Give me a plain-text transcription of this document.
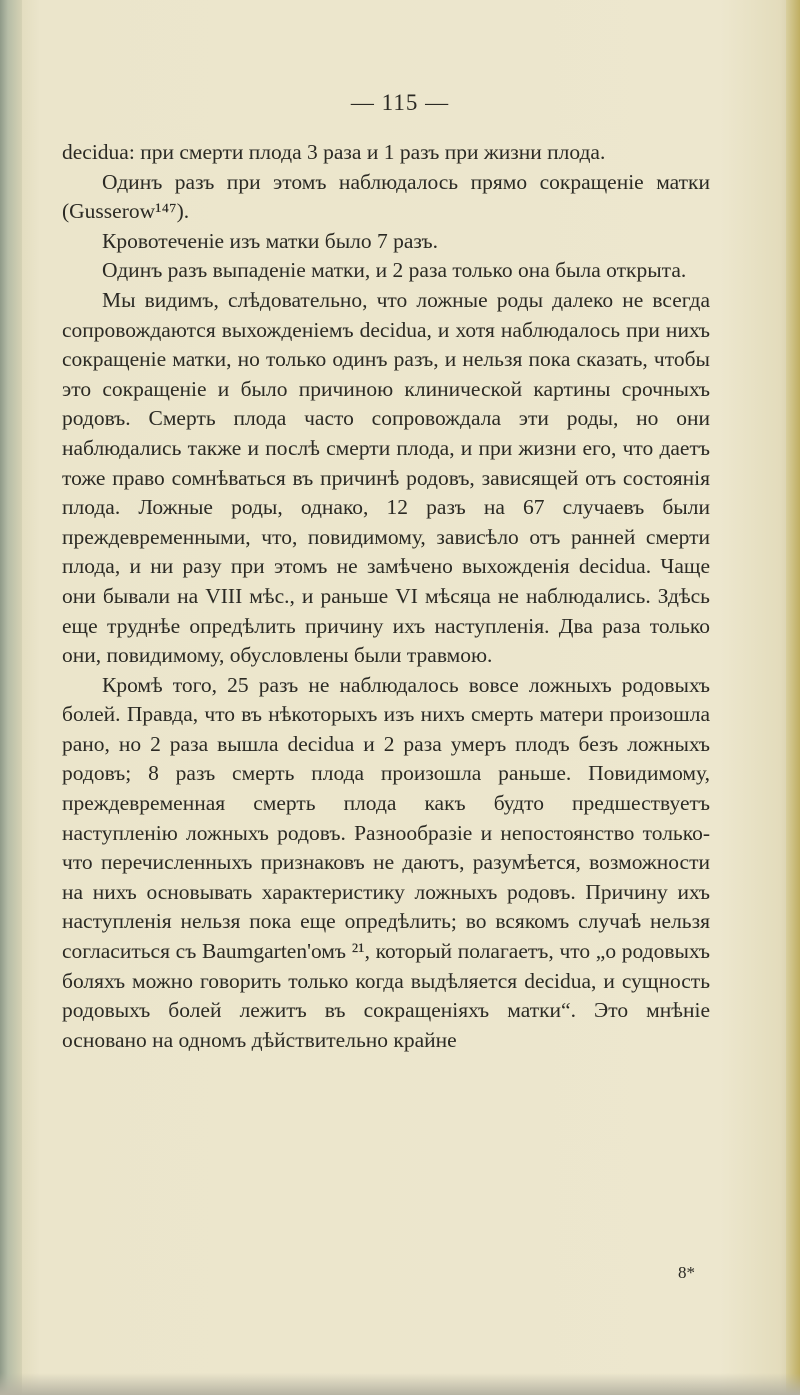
— 115 —

decidua: при смерти плода 3 раза и 1 разъ при жизни плода.

Одинъ разъ при этомъ наблюдалось прямо сокращеніе матки (Gussеrow¹⁴⁷).

Кровотеченіе изъ матки было 7 разъ.

Одинъ разъ выпаденіе матки, и 2 раза только она была открыта.

Мы видимъ, слѣдовательно, что ложные роды далеко не всегда сопровождаются выхожденіемъ decidua, и хотя наблюдалось при нихъ сокращеніе матки, но только одинъ разъ, и нельзя пока сказать, чтобы это сокращеніе и было причиною клинической картины срочныхъ родовъ. Смерть плода часто сопровождала эти роды, но они наблюдались также и послѣ смерти плода, и при жизни его, что даетъ тоже право сомнѣваться въ причинѣ родовъ, зависящей отъ состоянія плода. Ложные роды, однако, 12 разъ на 67 случаевъ были преждевременными, что, повидимому, зависѣло отъ ранней смерти плода, и ни разу при этомъ не замѣчено выхожденія decidua. Чаще они бывали на VIII мѣс., и раньше VI мѣсяца не наблюдались. Здѣсь еще труднѣе опредѣлить причину ихъ наступленія. Два раза только они, повидимому, обусловлены были травмою.

Кромѣ того, 25 разъ не наблюдалось вовсе ложныхъ родовыхъ болей. Правда, что въ нѣкоторыхъ изъ нихъ смерть матери произошла рано, но 2 раза вышла decidua и 2 раза умеръ плодъ безъ ложныхъ родовъ; 8 разъ смерть плода произошла раньше. Повидимому, преждевременная смерть плода какъ будто предшествуетъ наступленію ложныхъ родовъ. Разнообразіе и непостоянство только-что перечисленныхъ признаковъ не даютъ, разумѣется, возможности на нихъ основывать характеристику ложныхъ родовъ. Причину ихъ наступленія нельзя пока еще опредѣлить; во всякомъ случаѣ нельзя согласиться съ Baumgarten'омъ ²¹, который полагаетъ, что „о родовыхъ боляхъ можно говорить только когда выдѣляется decidua, и сущность родовыхъ болей лежитъ въ сокращеніяхъ матки“. Это мнѣніе основано на одномъ дѣйствительно крайне

8*
